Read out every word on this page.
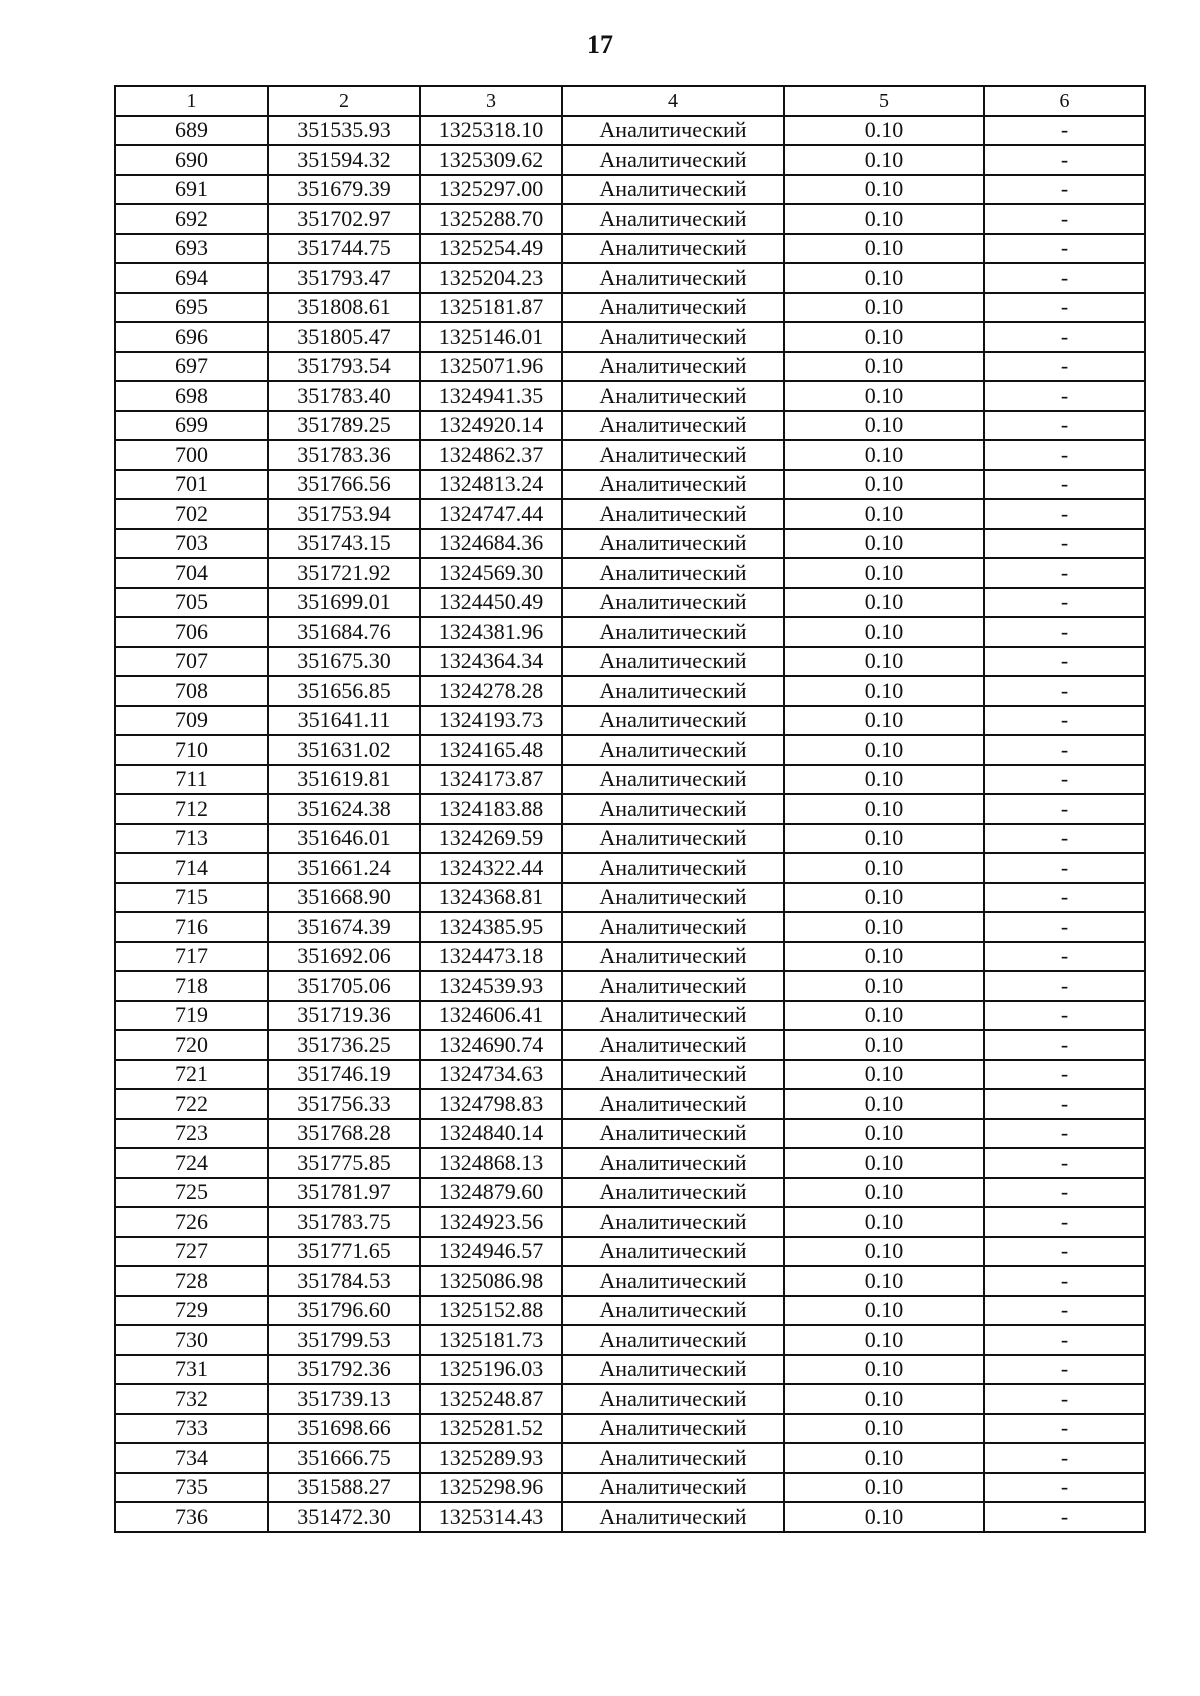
17
1	2	3	4	5	6
689	351535.93	1325318.10	Аналитический	0.10	-
690	351594.32	1325309.62	Аналитический	0.10	-
691	351679.39	1325297.00	Аналитический	0.10	-
692	351702.97	1325288.70	Аналитический	0.10	-
693	351744.75	1325254.49	Аналитический	0.10	-
694	351793.47	1325204.23	Аналитический	0.10	-
695	351808.61	1325181.87	Аналитический	0.10	-
696	351805.47	1325146.01	Аналитический	0.10	-
697	351793.54	1325071.96	Аналитический	0.10	-
698	351783.40	1324941.35	Аналитический	0.10	-
699	351789.25	1324920.14	Аналитический	0.10	-
700	351783.36	1324862.37	Аналитический	0.10	-
701	351766.56	1324813.24	Аналитический	0.10	-
702	351753.94	1324747.44	Аналитический	0.10	-
703	351743.15	1324684.36	Аналитический	0.10	-
704	351721.92	1324569.30	Аналитический	0.10	-
705	351699.01	1324450.49	Аналитический	0.10	-
706	351684.76	1324381.96	Аналитический	0.10	-
707	351675.30	1324364.34	Аналитический	0.10	-
708	351656.85	1324278.28	Аналитический	0.10	-
709	351641.11	1324193.73	Аналитический	0.10	-
710	351631.02	1324165.48	Аналитический	0.10	-
711	351619.81	1324173.87	Аналитический	0.10	-
712	351624.38	1324183.88	Аналитический	0.10	-
713	351646.01	1324269.59	Аналитический	0.10	-
714	351661.24	1324322.44	Аналитический	0.10	-
715	351668.90	1324368.81	Аналитический	0.10	-
716	351674.39	1324385.95	Аналитический	0.10	-
717	351692.06	1324473.18	Аналитический	0.10	-
718	351705.06	1324539.93	Аналитический	0.10	-
719	351719.36	1324606.41	Аналитический	0.10	-
720	351736.25	1324690.74	Аналитический	0.10	-
721	351746.19	1324734.63	Аналитический	0.10	-
722	351756.33	1324798.83	Аналитический	0.10	-
723	351768.28	1324840.14	Аналитический	0.10	-
724	351775.85	1324868.13	Аналитический	0.10	-
725	351781.97	1324879.60	Аналитический	0.10	-
726	351783.75	1324923.56	Аналитический	0.10	-
727	351771.65	1324946.57	Аналитический	0.10	-
728	351784.53	1325086.98	Аналитический	0.10	-
729	351796.60	1325152.88	Аналитический	0.10	-
730	351799.53	1325181.73	Аналитический	0.10	-
731	351792.36	1325196.03	Аналитический	0.10	-
732	351739.13	1325248.87	Аналитический	0.10	-
733	351698.66	1325281.52	Аналитический	0.10	-
734	351666.75	1325289.93	Аналитический	0.10	-
735	351588.27	1325298.96	Аналитический	0.10	-
736	351472.30	1325314.43	Аналитический	0.10	-
